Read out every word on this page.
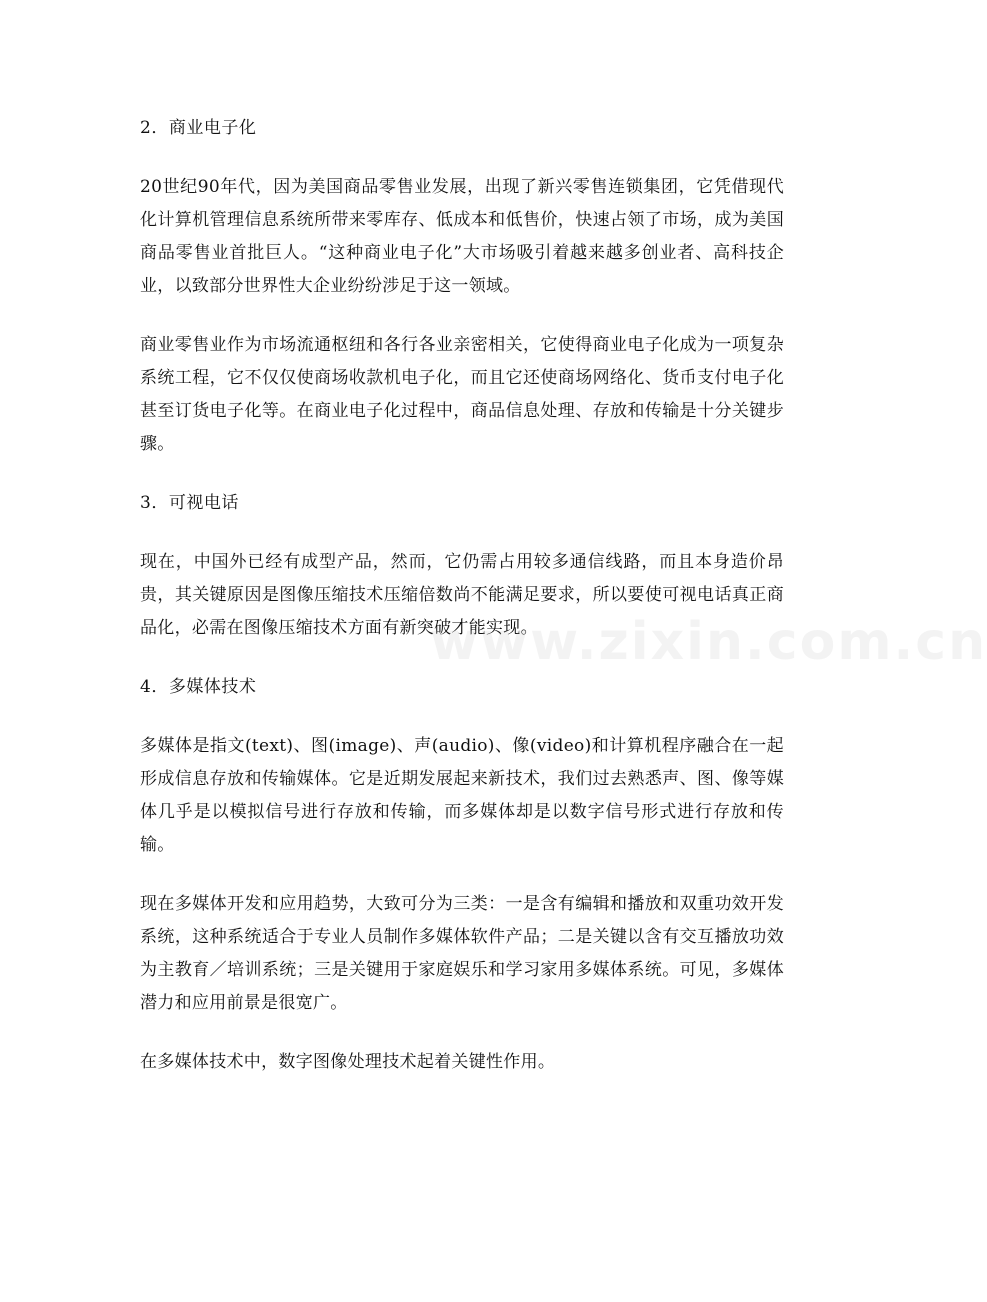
2．商业电子化

20世纪90年代，因为美国商品零售业发展，出现了新兴零售连锁集团，它凭借现代化计算机管理信息系统所带来零库存、低成本和低售价，快速占领了市场，成为美国商品零售业首批巨人。“这种商业电子化”大市场吸引着越来越多创业者、高科技企业，以致部分世界性大企业纷纷涉足于这一领域。

商业零售业作为市场流通枢纽和各行各业亲密相关，它使得商业电子化成为一项复杂系统工程，它不仅仅使商场收款机电子化，而且它还使商场网络化、货币支付电子化甚至订货电子化等。在商业电子化过程中，商品信息处理、存放和传输是十分关键步骤。

3．可视电话

现在，中国外已经有成型产品，然而，它仍需占用较多通信线路，而且本身造价昂贵，其关键原因是图像压缩技术压缩倍数尚不能满足要求，所以要使可视电话真正商品化，必需在图像压缩技术方面有新突破才能实现。

4．多媒体技术

多媒体是指文(text)、图(image)、声(audio)、像(video)和计算机程序融合在一起形成信息存放和传输媒体。它是近期发展起来新技术，我们过去熟悉声、图、像等媒体几乎是以模拟信号进行存放和传输，而多媒体却是以数字信号形式进行存放和传输。

现在多媒体开发和应用趋势，大致可分为三类：一是含有编辑和播放和双重功效开发系统，这种系统适合于专业人员制作多媒体软件产品；二是关键以含有交互播放功效为主教育／培训系统；三是关键用于家庭娱乐和学习家用多媒体系统。可见，多媒体潜力和应用前景是很宽广。

在多媒体技术中，数字图像处理技术起着关键性作用。

www.zixin.com.cn
